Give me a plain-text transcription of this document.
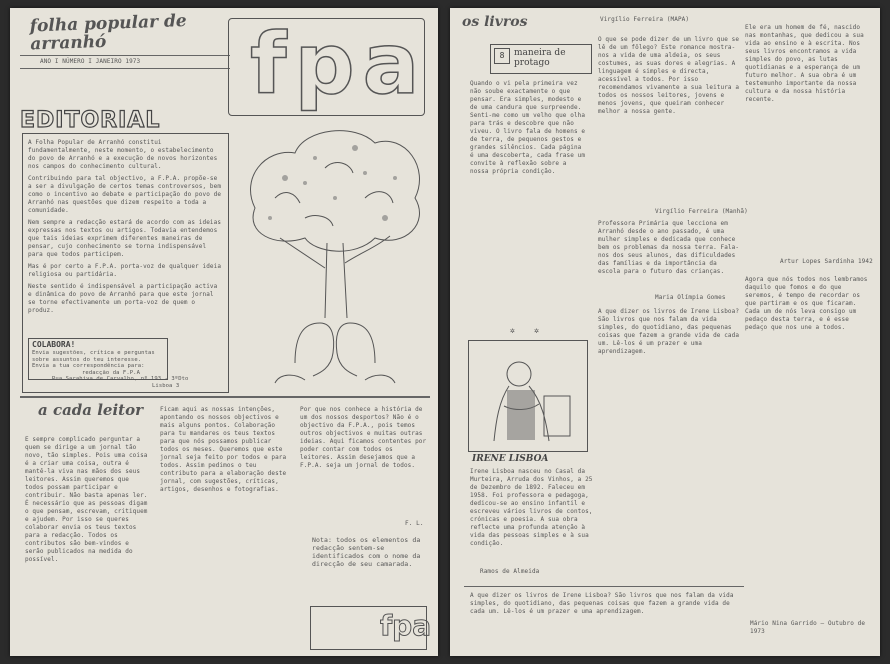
folha popular de arranhó
ANO I NÚMERO I JANEIRO 1973 fpa
EDITORIAL

A Folha Popular de Arranhó constitui fundamentalmente, neste momento, o estabelecimento do povo de Arranhó e a execução de novos horizontes nos campos do conhecimento cultural.

Contribuindo para tal objectivo, a F.P.A. propõe-se a ser a divulgação de certos temas controversos, bem como o incentivo ao debate e participação do povo de Arranhó nas questões que dizem respeito a toda a comunidade.

Nem sempre a redacção estará de acordo com as ideias expressas nos textos ou artigos. Todavia entendemos que tais ideias exprimem diferentes maneiras de pensar, cujo conhecimento se torna indispensável para que todos participem.

Mas é por certo a F.P.A. porta-voz de qualquer ideia religiosa ou partidária.

Neste sentido é indispensável a participação activa e dinâmica do povo de Arranhó para que este jornal se torne efectivamente um porta-voz de quem o produz.

COLABORA!
Envia sugestões, crítica e perguntas
sobre assuntos do teu interesse.
Envia a tua correspondência para:
redacção da F.P.A
Rua Sarahiva de Carvalho, nº 193 - 3ºDto
Lisboa 3
a cada leitor
É sempre complicado perguntar a quem se dirige a um jornal tão novo, tão simples. Pois uma coisa é a criar uma coisa, outra é mantê-la viva nas mãos dos seus leitores. Assim queremos que todos possam participar e contribuir. Não basta apenas ler. É necessário que as pessoas digam o que pensam, escrevam, critiquem e ajudem. Por isso se queres colaborar envia os teus textos para a redacção. Todos os contributos são bem-vindos e serão publicados na medida do possível.
Ficam aqui as nossas intenções, apontando os nossos objectivos e mais alguns pontos. Colaboração para tu mandares os teus textos para que nós possamos publicar todos os meses. Queremos que este jornal seja feito por todos e para todos. Assim pedimos o teu contributo para a elaboração deste jornal, com sugestões, críticas, artigos, desenhos e fotografias.
Por que nos conhece a história de um dos nossos desportos? Não é o objectivo da F.P.A., pois temos outros objectivos e muitas outras ideias. Aqui ficamos contentes por poder contar com todos os leitores. Assim desejamos que a F.P.A. seja um jornal de todos.
F. L.
Nota: todos os elementos da redacção sentem-se identificados com o nome da direcção de seu camarada.
fpa
os livros	Virgílio Ferreira (MAPA)
8	maneira de protago
Quando o vi pela primeira vez não soube exactamente o que pensar. Era simples, modesto e de uma candura que surpreende. Senti-me como um velho que olha para trás e descobre que não viveu. O livro fala de homens e de terra, de pequenos gestos e grandes silêncios. Cada página é uma descoberta, cada frase um convite à reflexão sobre a nossa própria condição.
O que se pode dizer de um livro que se lê de um fôlego? Este romance mostra-nos a vida de uma aldeia, os seus costumes, as suas dores e alegrias. A linguagem é simples e directa, acessível a todos. Por isso recomendamos vivamente a sua leitura a todos os nossos leitores, jovens e menos jovens, que queiram conhecer melhor a nossa gente.
Virgílio Ferreira (Manhã)
Professora Primária que lecciona em Arranhó desde o ano passado, é uma mulher simples e dedicada que conhece bem os problemas da nossa terra. Fala-nos dos seus alunos, das dificuldades das famílias e da importância da escola para o futuro das crianças.
Maria Olímpia Gomes
Ele era um homem de fé, nascido nas montanhas, que dedicou a sua vida ao ensino e à escrita. Nos seus livros encontramos a vida simples do povo, as lutas quotidianas e a esperança de um futuro melhor. A sua obra é um testemunho importante da nossa cultura e da nossa história recente.
Artur Lopes Sardinha 1942
Agora que nós todos nos lembramos daquilo que fomos e do que seremos, é tempo de recordar os que partiram e os que ficaram. Cada um de nós leva consigo um pedaço desta terra, e é esse pedaço que nos une a todos.
Mário Nina Garrido — Outubro de 1973
✲    ✲
IRENE LISBOA
Irene Lisboa nasceu no Casal da Murteira, Arruda dos Vinhos, a 25 de Dezembro de 1892. Faleceu em 1958. Foi professora e pedagoga, dedicou-se ao ensino infantil e escreveu vários livros de contos, crónicas e poesia. A sua obra reflecte uma profunda atenção à vida das pessoas simples e à sua condição.
Ramos de Almeida
A que dizer os livros de Irene Lisboa? São livros que nos falam da vida simples, do quotidiano, das pequenas coisas que fazem a grande vida de cada um. Lê-los é um prazer e uma aprendizagem.
A que dizer os livros de Irene Lisboa? São livros que nos falam da vida simples, do quotidiano, das pequenas coisas que fazem a grande vida de cada um. Lê-los é um prazer e uma aprendizagem.
